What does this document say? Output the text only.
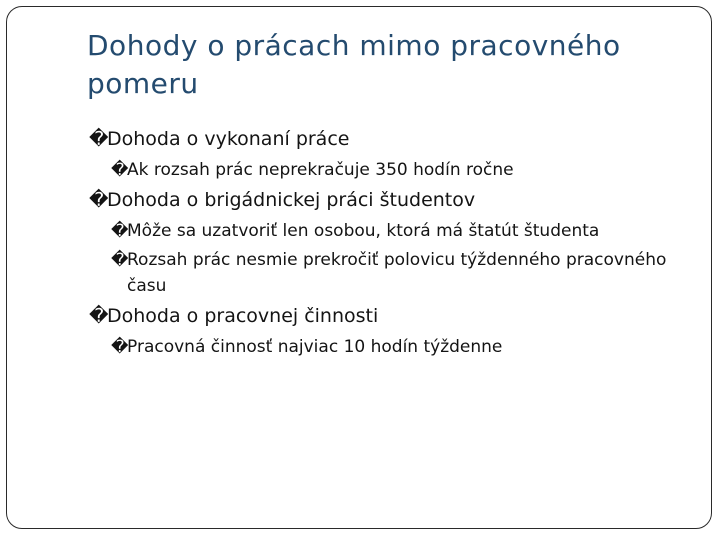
Dohody o prácach mimo pracovného pomeru
�
Dohoda o vykonaní práce
�
Ak rozsah prác neprekračuje 350 hodín ročne
�
Dohoda o brigádnickej práci študentov
�
Môže sa uzatvoriť len osobou, ktorá má štatút študenta
�
Rozsah prác nesmie prekročiť polovicu týždenného pracovného času
�
Dohoda o pracovnej činnosti
�
Pracovná činnosť najviac 10 hodín týždenne
